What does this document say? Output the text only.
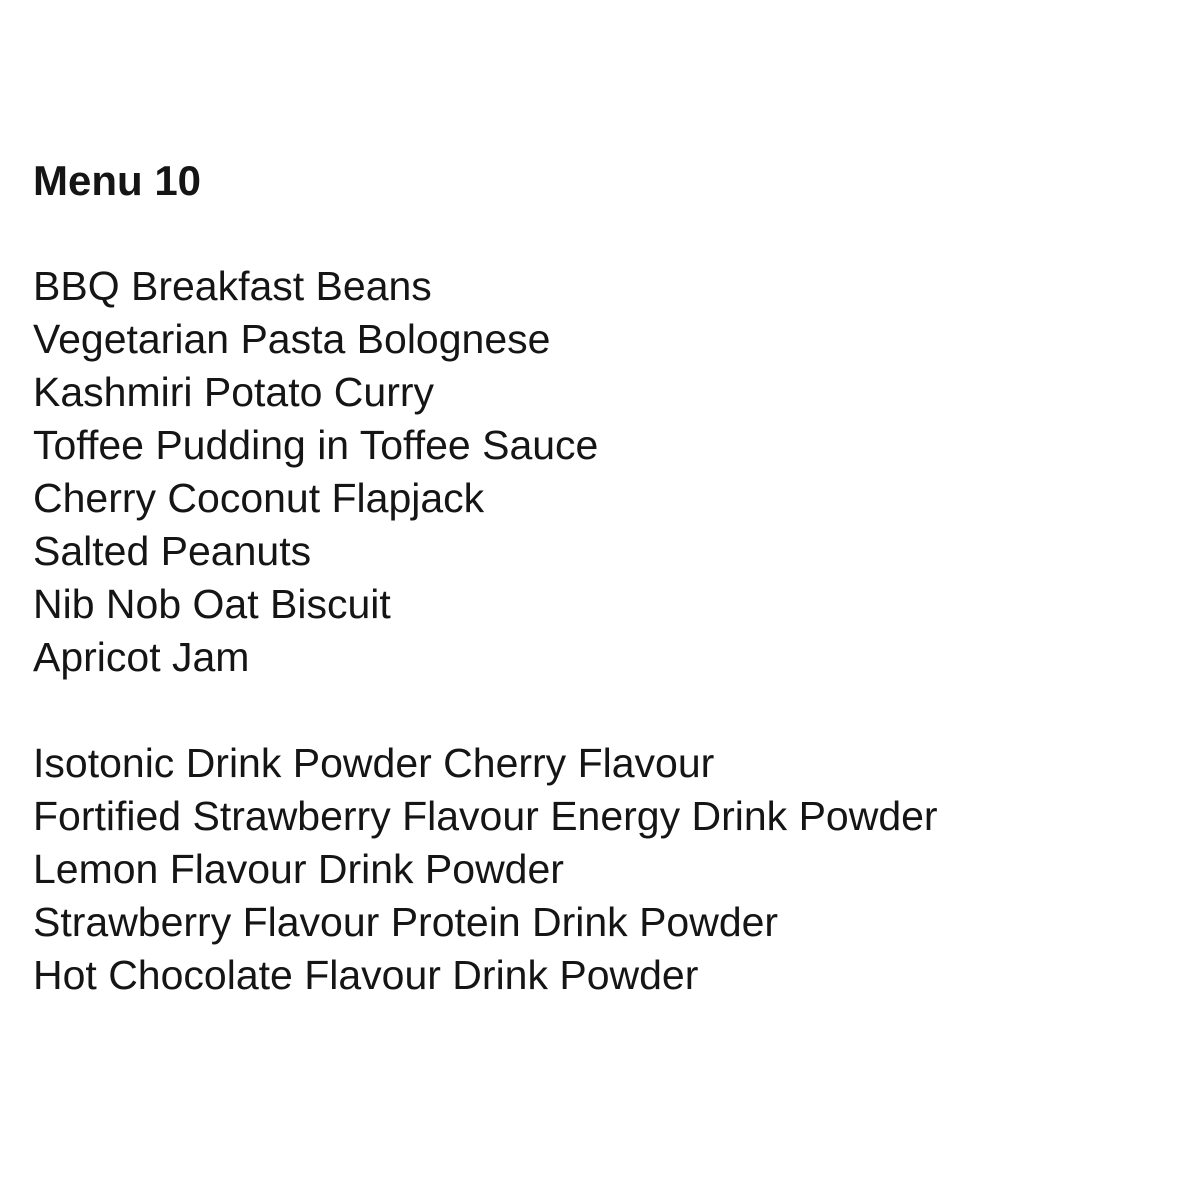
Menu 10
BBQ Breakfast Beans
Vegetarian Pasta Bolognese
Kashmiri Potato Curry
Toffee Pudding in Toffee Sauce
Cherry Coconut Flapjack
Salted Peanuts
Nib Nob Oat Biscuit
Apricot Jam
Isotonic Drink Powder Cherry Flavour
Fortified Strawberry Flavour Energy Drink Powder
Lemon Flavour Drink Powder
Strawberry Flavour Protein Drink Powder
Hot Chocolate Flavour Drink Powder
